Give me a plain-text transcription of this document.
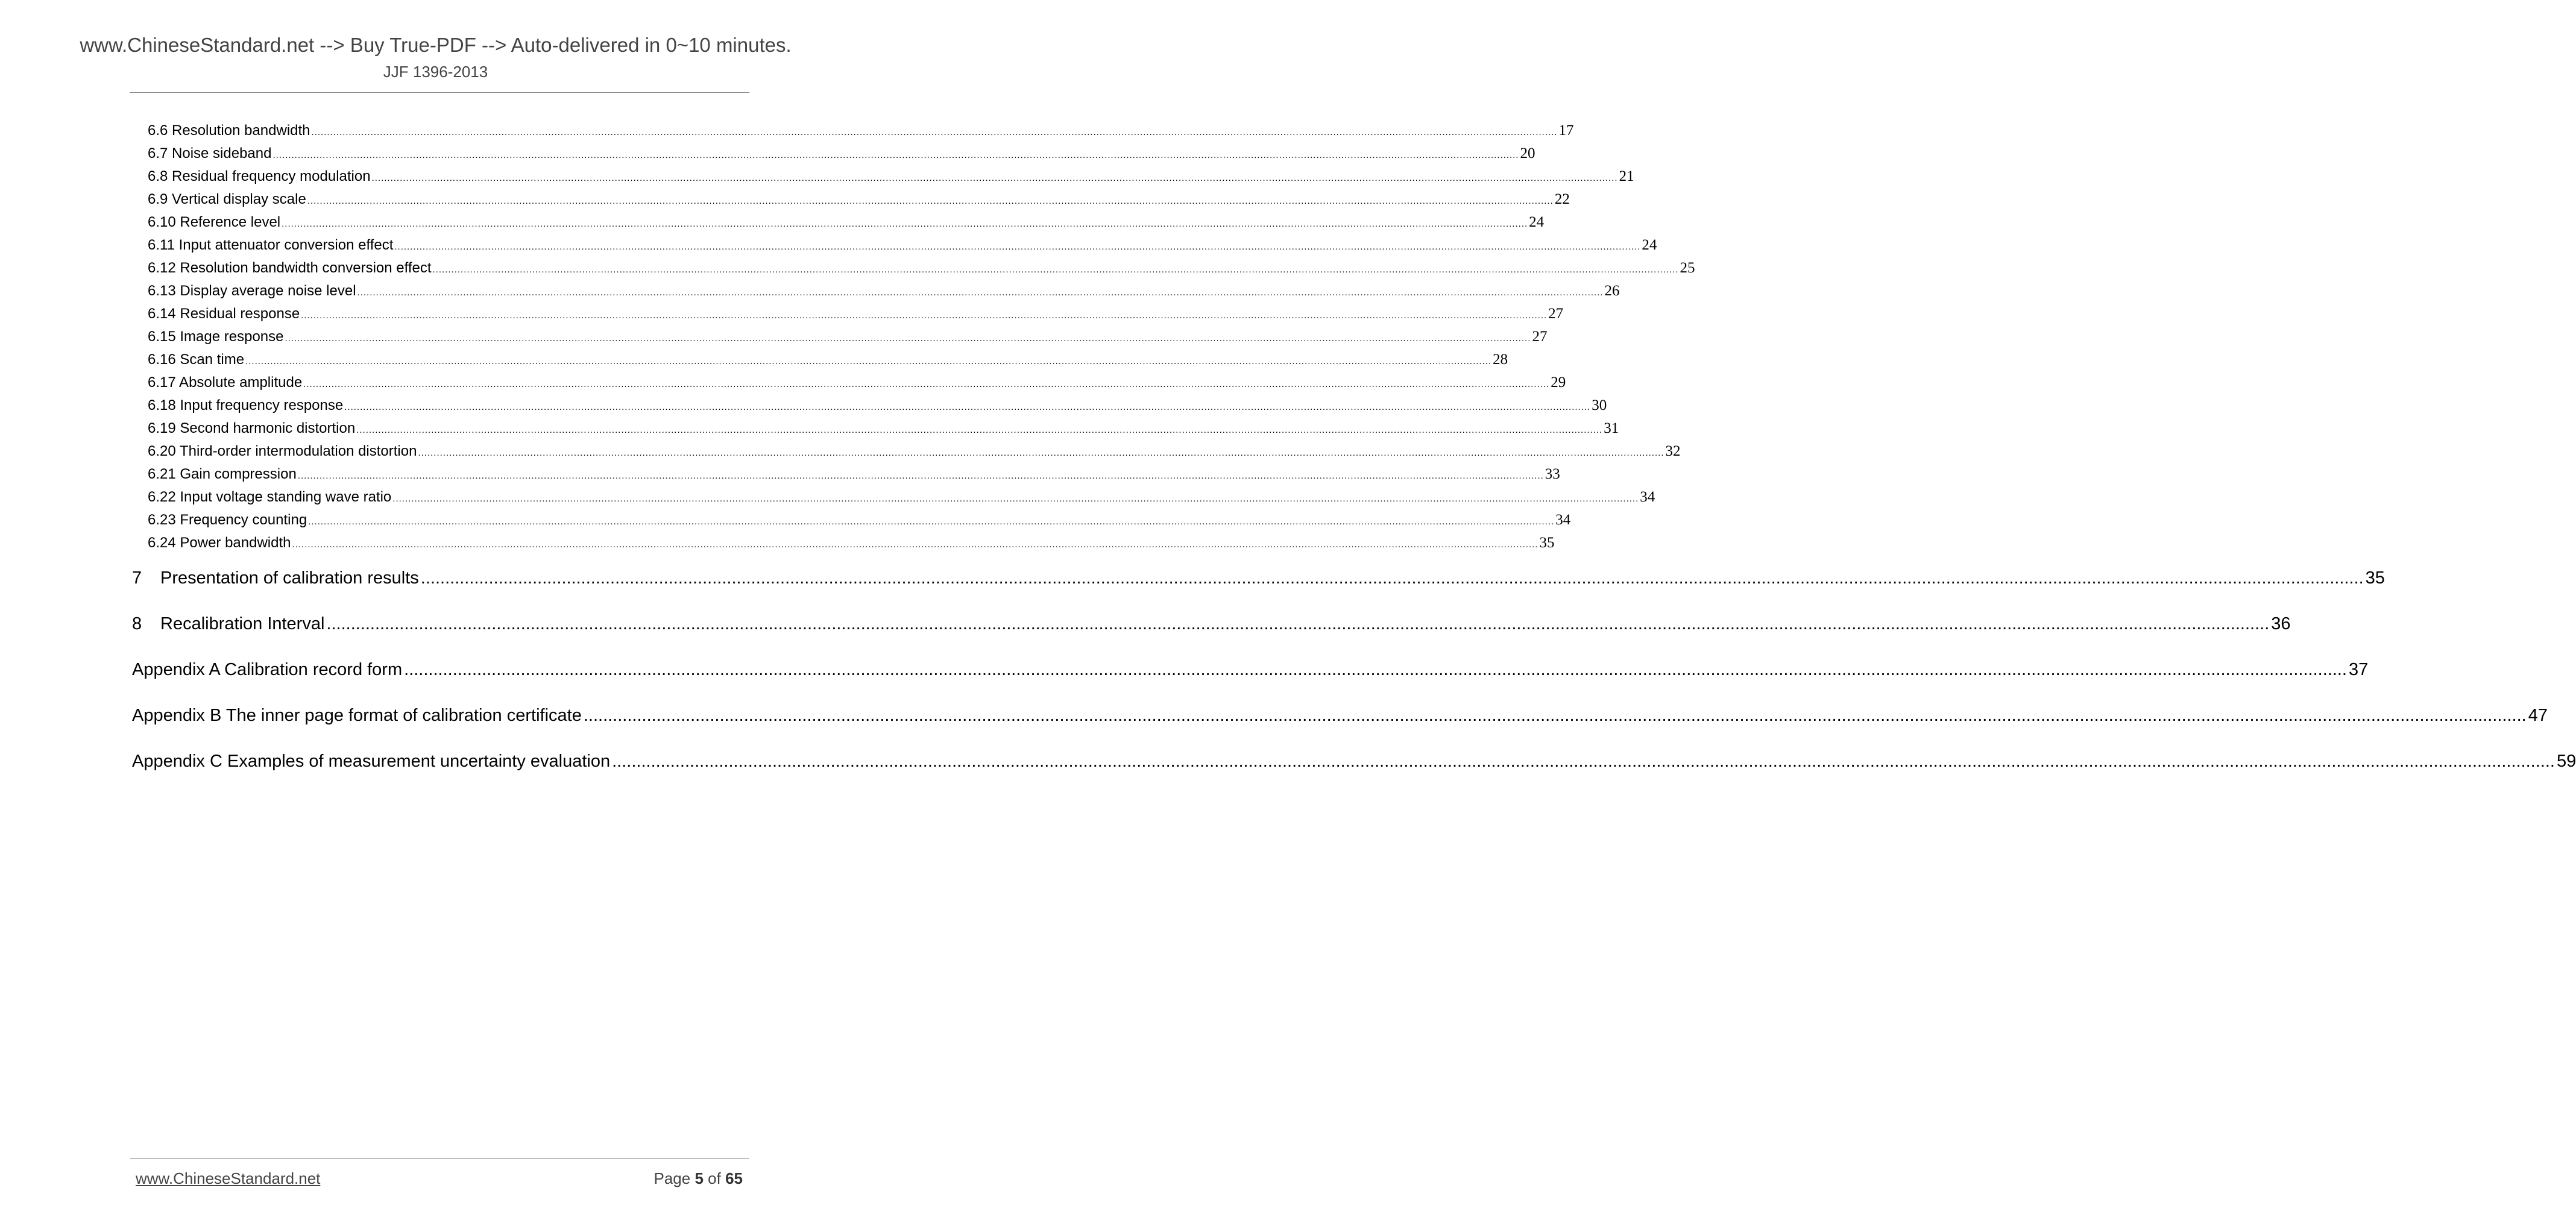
www.ChineseStandard.net --> Buy True-PDF --> Auto-delivered in 0~10 minutes.
JJF 1396-2013
6.6 Resolution bandwidth ................................................................................................................................................................................................................................................................................................................................................................................................................ 17
6.7 Noise sideband ................................................................................................................................................................................................................................................................................................................................................................................................................ 20
6.8 Residual frequency modulation ................................................................................................................................................................................................................................................................................................................................................................................................................ 21
6.9 Vertical display scale ................................................................................................................................................................................................................................................................................................................................................................................................................ 22
6.10 Reference level ................................................................................................................................................................................................................................................................................................................................................................................................................ 24
6.11 Input attenuator conversion effect ................................................................................................................................................................................................................................................................................................................................................................................................................ 24
6.12 Resolution bandwidth conversion effect ................................................................................................................................................................................................................................................................................................................................................................................................................ 25
6.13 Display average noise level ................................................................................................................................................................................................................................................................................................................................................................................................................ 26
6.14 Residual response ................................................................................................................................................................................................................................................................................................................................................................................................................ 27
6.15 Image response ................................................................................................................................................................................................................................................................................................................................................................................................................ 27
6.16 Scan time ................................................................................................................................................................................................................................................................................................................................................................................................................ 28
6.17 Absolute amplitude ................................................................................................................................................................................................................................................................................................................................................................................................................ 29
6.18 Input frequency response ................................................................................................................................................................................................................................................................................................................................................................................................................ 30
6.19 Second harmonic distortion ................................................................................................................................................................................................................................................................................................................................................................................................................ 31
6.20 Third-order intermodulation distortion ................................................................................................................................................................................................................................................................................................................................................................................................................ 32
6.21 Gain compression ................................................................................................................................................................................................................................................................................................................................................................................................................ 33
6.22 Input voltage standing wave ratio ................................................................................................................................................................................................................................................................................................................................................................................................................ 34
6.23 Frequency counting ................................................................................................................................................................................................................................................................................................................................................................................................................ 34
6.24 Power bandwidth ................................................................................................................................................................................................................................................................................................................................................................................................................ 35
7 Presentation of calibration results ................................................................................................................................................................................................................................................................................................................................................................................................................ 35
8 Recalibration Interval ................................................................................................................................................................................................................................................................................................................................................................................................................ 36
Appendix A Calibration record form ................................................................................................................................................................................................................................................................................................................................................................................................................ 37
Appendix B The inner page format of calibration certificate ................................................................................................................................................................................................................................................................................................................................................................................................................ 47
Appendix C Examples of measurement uncertainty evaluation ................................................................................................................................................................................................................................................................................................................................................................................................................ 59
www.ChineseStandard.net	Page 5 of 65
